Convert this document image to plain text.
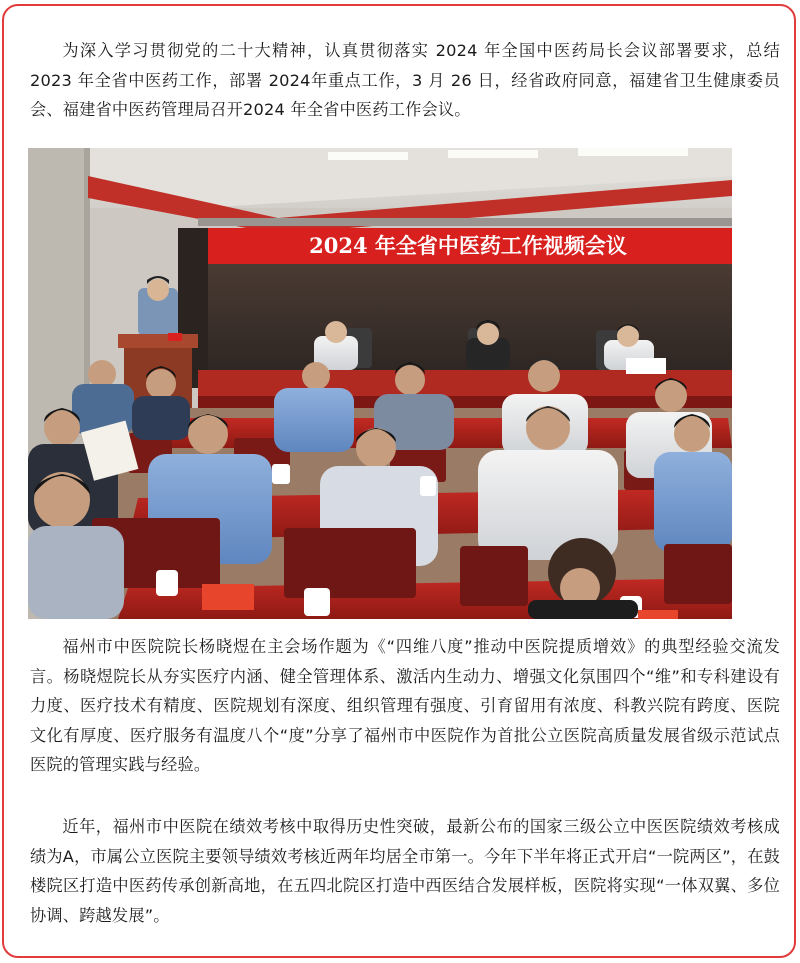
为深入学习贯彻党的二十大精神，认真贯彻落实 2024 年全国中医药局长会议部署要求，总结 2023 年全省中医药工作，部署 2024年重点工作，3 月 26 日，经省政府同意，福建省卫生健康委员会、福建省中医药管理局召开2024 年全省中医药工作会议。

2024 年全省中医药工作视频会议

福州市中医院院长杨晓煜在主会场作题为《“四维八度”推动中医院提质增效》的典型经验交流发言。杨晓煜院长从夯实医疗内涵、健全管理体系、激活内生动力、增强文化氛围四个“维”和专科建设有力度、医疗技术有精度、医院规划有深度、组织管理有强度、引育留用有浓度、科教兴院有跨度、医院文化有厚度、医疗服务有温度八个“度”分享了福州市中医院作为首批公立医院高质量发展省级示范试点医院的管理实践与经验。

近年，福州市中医院在绩效考核中取得历史性突破，最新公布的国家三级公立中医医院绩效考核成绩为A，市属公立医院主要领导绩效考核近两年均居全市第一。今年下半年将正式开启“一院两区”，在鼓楼院区打造中医药传承创新高地，在五四北院区打造中西医结合发展样板，医院将实现“一体双翼、多位协调、跨越发展”。
